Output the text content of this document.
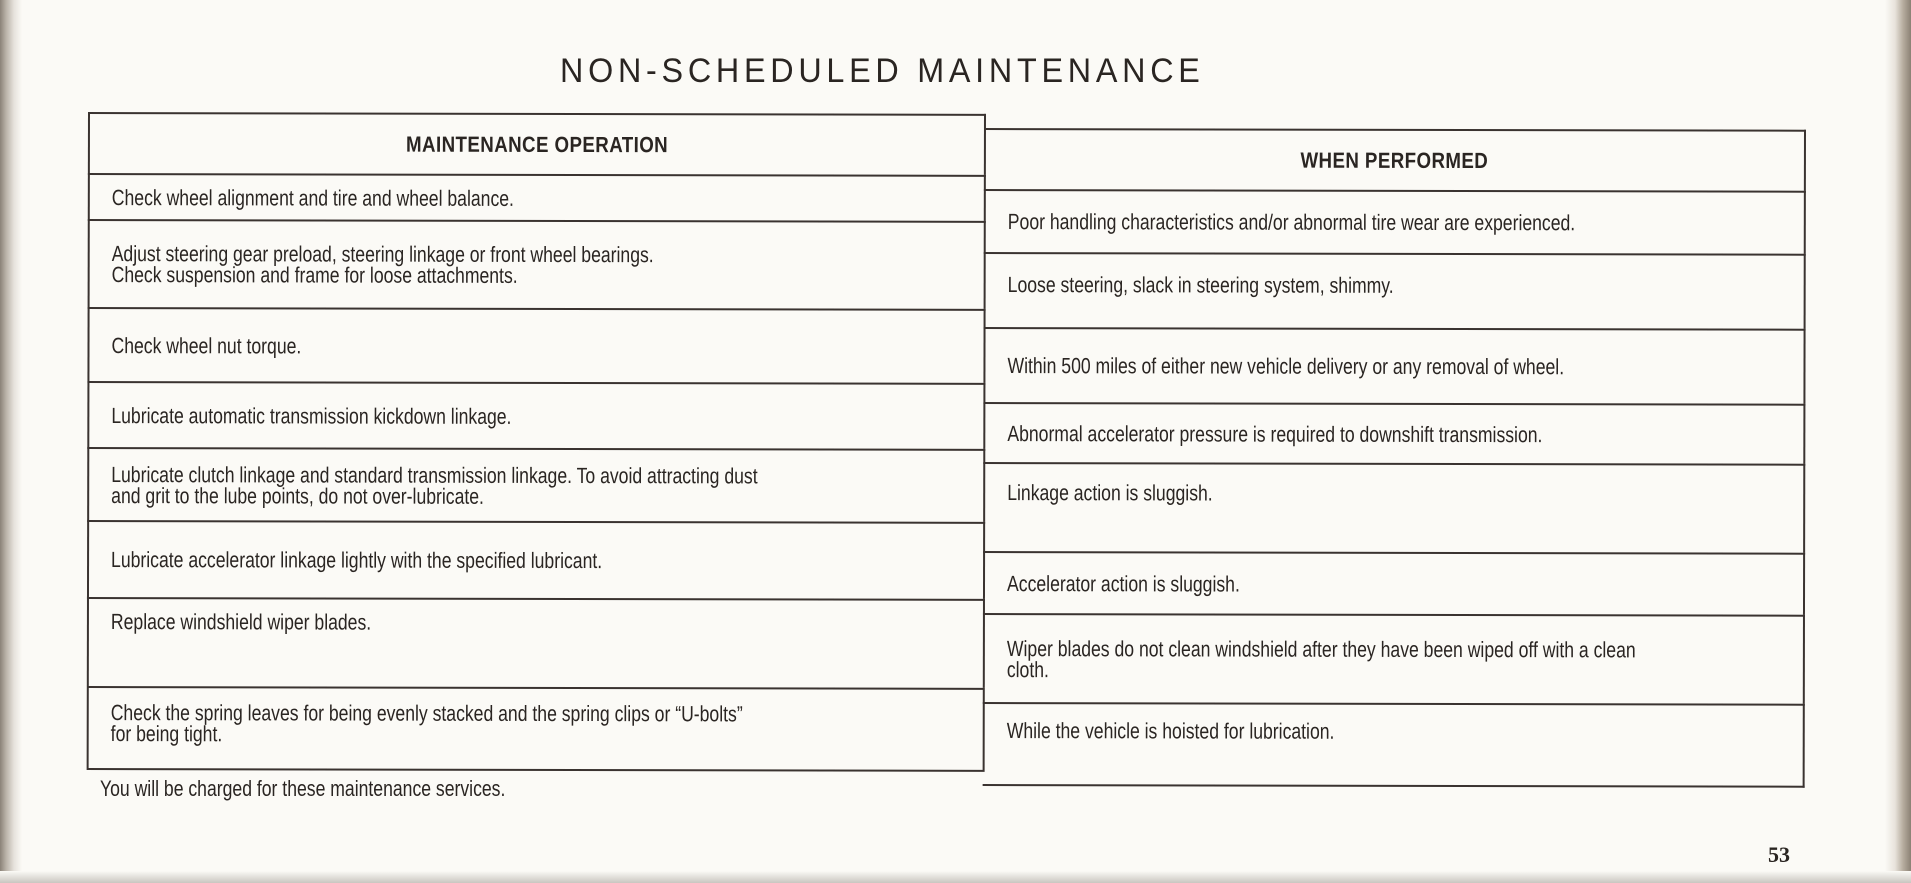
NON-SCHEDULED MAINTENANCE
MAINTENANCE OPERATION
Check wheel alignment and tire and wheel balance.
Adjust steering gear preload, steering linkage or front wheel bearings.
Check suspension and frame for loose attachments.
Check wheel nut torque.
Lubricate automatic transmission kickdown linkage.
Lubricate clutch linkage and standard transmission linkage. To avoid attracting dust
and grit to the lube points, do not over-lubricate.
Lubricate accelerator linkage lightly with the specified lubricant.
Replace windshield wiper blades.
Check the spring leaves for being evenly stacked and the spring clips or “U-bolts”
for being tight.
WHEN PERFORMED
Poor handling characteristics and/or abnormal tire wear are experienced.
Loose steering, slack in steering system, shimmy.
Within 500 miles of either new vehicle delivery or any removal of wheel.
Abnormal accelerator pressure is required to downshift transmission.
Linkage action is sluggish.
Accelerator action is sluggish.
Wiper blades do not clean windshield after they have been wiped off with a clean
cloth.
While the vehicle is hoisted for lubrication.
You will be charged for these maintenance services.
53
